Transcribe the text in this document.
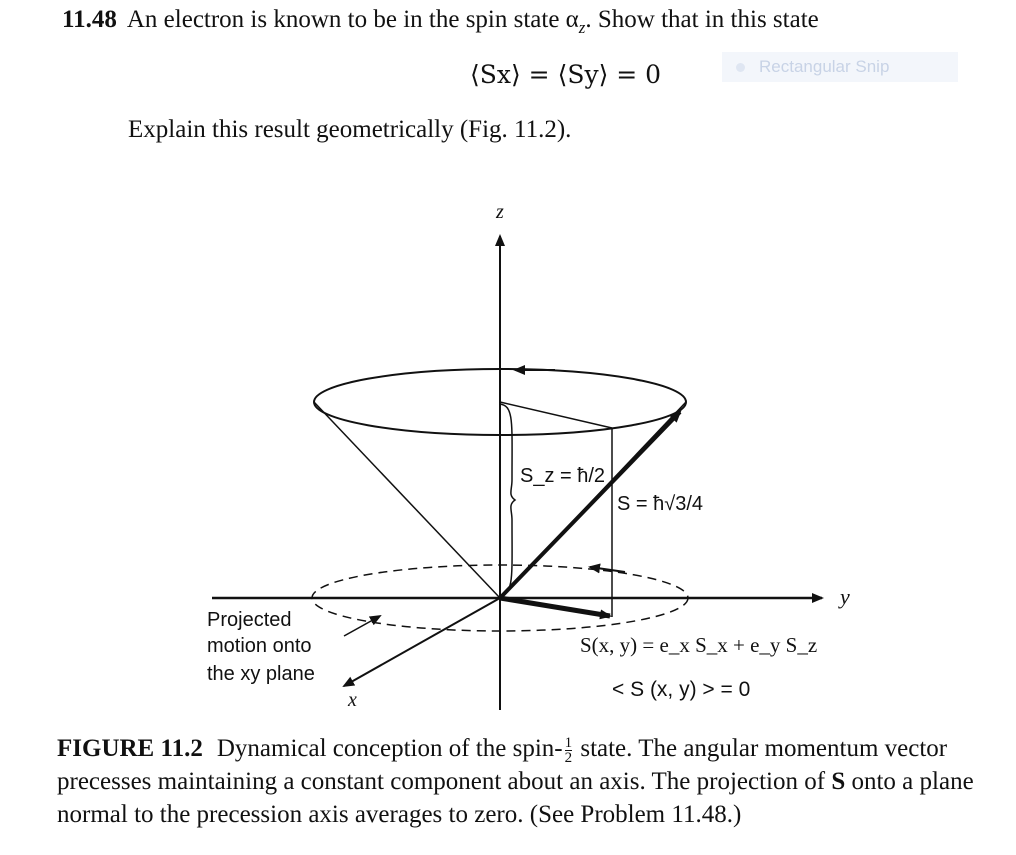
11.48 An electron is known to be in the spin state $\alpha_z$. Show that in this state
⟨Sx⟩ = ⟨Sy⟩ = 0	Rectangular Snip
Explain this result geometrically (Fig. 11.2).
z
y
x
S_z = ħ/2
S = ħ√3/4
Projected
motion onto
the xy plane
S(x, y) = e_x S_x + e_y S_z
< S (x, y) > = 0
FIGURE 11.2 Dynamical conception of the spin- $\frac{1}{2}$ state. The angular momentum vector precesses maintaining a constant component about an axis. The projection of S onto a plane normal to the precession axis averages to zero. (See Problem 11.48.)
